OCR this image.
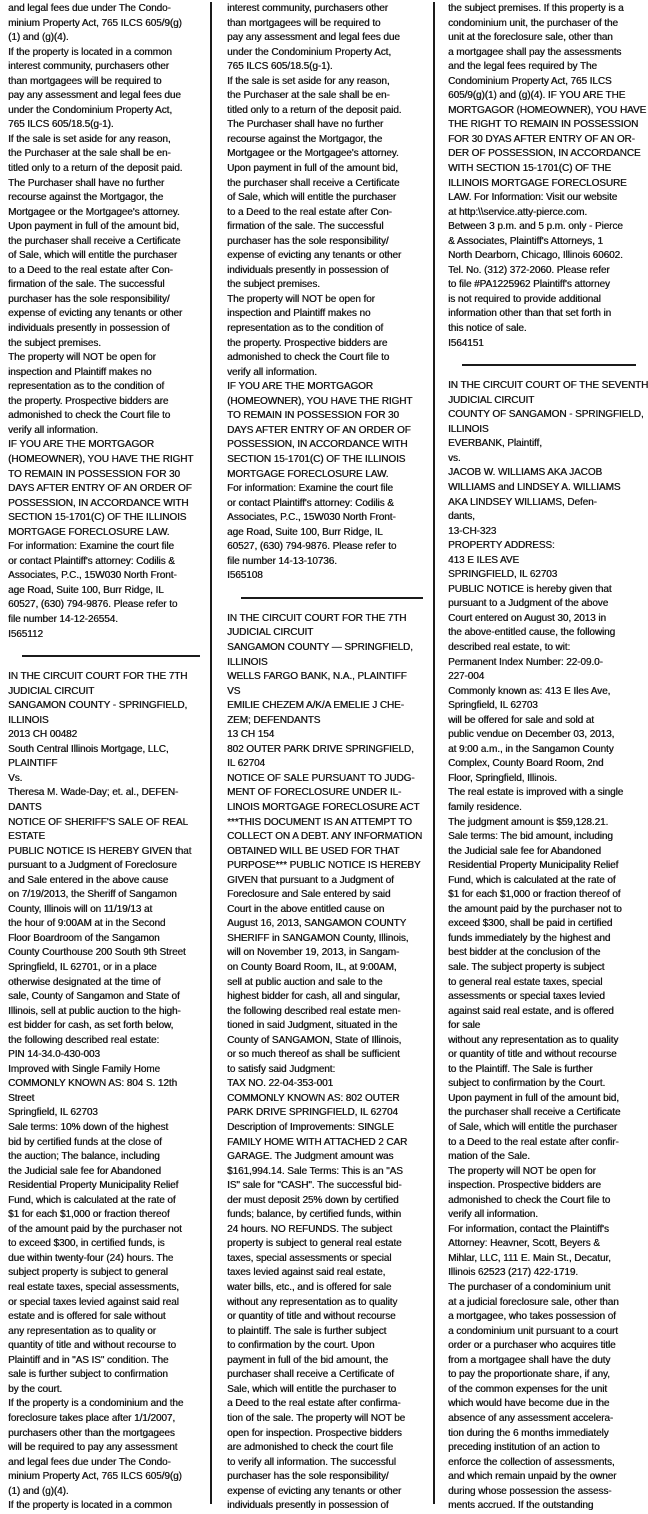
and legal fees due under The Condo-
minium Property Act, 765 ILCS 605/9(g)
(1) and (g)(4).
If the property is located in a common
interest community, purchasers other
than mortgagees will be required to
pay any assessment and legal fees due
under the Condominium Property Act,
765 ILCS 605/18.5(g-1).
If the sale is set aside for any reason,
the Purchaser at the sale shall be en-
titled only to a return of the deposit paid.
The Purchaser shall have no further
recourse against the Mortgagor, the
Mortgagee or the Mortgagee's attorney.
Upon payment in full of the amount bid,
the purchaser shall receive a Certificate
of Sale, which will entitle the purchaser
to a Deed to the real estate after Con-
firmation of the sale. The successful
purchaser has the sole responsibility/
expense of evicting any tenants or other
individuals presently in possession of
the subject premises.
The property will NOT be open for
inspection and Plaintiff makes no
representation as to the condition of
the property. Prospective bidders are
admonished to check the Court file to
verify all information.
IF YOU ARE THE MORTGAGOR
(HOMEOWNER), YOU HAVE THE RIGHT
TO REMAIN IN POSSESSION FOR 30
DAYS AFTER ENTRY OF AN ORDER OF
POSSESSION, IN ACCORDANCE WITH
SECTION 15-1701(C) OF THE ILLINOIS
MORTGAGE FORECLOSURE LAW.
For information: Examine the court file
or contact Plaintiff's attorney: Codilis &
Associates, P.C., 15W030 North Front-
age Road, Suite 100, Burr Ridge, IL
60527, (630) 794-9876. Please refer to
file number 14-12-26554.
I565112
IN THE CIRCUIT COURT FOR THE 7TH
JUDICIAL CIRCUIT
SANGAMON COUNTY - SPRINGFIELD,
ILLINOIS
2013 CH 00482
South Central Illinois Mortgage, LLC,
PLAINTIFF
Vs.
Theresa M. Wade-Day; et. al., DEFEN-
DANTS
NOTICE OF SHERIFF'S SALE OF REAL
ESTATE
PUBLIC NOTICE IS HEREBY GIVEN that
pursuant to a Judgment of Foreclosure
and Sale entered in the above cause
on 7/19/2013, the Sheriff of Sangamon
County, Illinois will on 11/19/13 at
the hour of 9:00AM at in the Second
Floor Boardroom of the Sangamon
County Courthouse 200 South 9th Street
Springfield, IL 62701, or in a place
otherwise designated at the time of
sale, County of Sangamon and State of
Illinois, sell at public auction to the high-
est bidder for cash, as set forth below,
the following described real estate:
PIN 14-34.0-430-003
Improved with Single Family Home
COMMONLY KNOWN AS: 804 S. 12th
Street
Springfield, IL 62703
Sale terms: 10% down of the highest
bid by certified funds at the close of
the auction; The balance, including
the Judicial sale fee for Abandoned
Residential Property Municipality Relief
Fund, which is calculated at the rate of
$1 for each $1,000 or fraction thereof
of the amount paid by the purchaser not
to exceed $300, in certified funds, is
due within twenty-four (24) hours. The
subject property is subject to general
real estate taxes, special assessments,
or special taxes levied against said real
estate and is offered for sale without
any representation as to quality or
quantity of title and without recourse to
Plaintiff and in "AS IS" condition. The
sale is further subject to confirmation
by the court.
If the property is a condominium and the
foreclosure takes place after 1/1/2007,
purchasers other than the mortgagees
will be required to pay any assessment
and legal fees due under The Condo-
minium Property Act, 765 ILCS 605/9(g)
(1) and (g)(4).
If the property is located in a common
interest community, purchasers other
than mortgagees will be required to
pay any assessment and legal fees due
under the Condominium Property Act,
765 ILCS 605/18.5(g-1).
If the sale is set aside for any reason,
the Purchaser at the sale shall be en-
titled only to a return of the deposit paid.
The Purchaser shall have no further
recourse against the Mortgagor, the
Mortgagee or the Mortgagee's attorney.
Upon payment in full of the amount bid,
the purchaser shall receive a Certificate
of Sale, which will entitle the purchaser
to a Deed to the real estate after Con-
firmation of the sale. The successful
purchaser has the sole responsibility/
expense of evicting any tenants or other
individuals presently in possession of
the subject premises.
The property will NOT be open for
inspection and Plaintiff makes no
representation as to the condition of
the property. Prospective bidders are
admonished to check the Court file to
verify all information.
IF YOU ARE THE MORTGAGOR
(HOMEOWNER), YOU HAVE THE RIGHT
TO REMAIN IN POSSESSION FOR 30
DAYS AFTER ENTRY OF AN ORDER OF
POSSESSION, IN ACCORDANCE WITH
SECTION 15-1701(C) OF THE ILLINOIS
MORTGAGE FORECLOSURE LAW.
For information: Examine the court file
or contact Plaintiff's attorney: Codilis &
Associates, P.C., 15W030 North Front-
age Road, Suite 100, Burr Ridge, IL
60527, (630) 794-9876. Please refer to
file number 14-13-10736.
I565108
IN THE CIRCUIT COURT FOR THE 7TH
JUDICIAL CIRCUIT
SANGAMON COUNTY — SPRINGFIELD,
ILLINOIS
WELLS FARGO BANK, N.A., PLAINTIFF
VS
EMILIE CHEZEM A/K/A EMELIE J CHE-
ZEM; DEFENDANTS
13 CH 154
802 OUTER PARK DRIVE SPRINGFIELD,
IL 62704
NOTICE OF SALE PURSUANT TO JUDG-
MENT OF FORECLOSURE UNDER IL-
LINOIS MORTGAGE FORECLOSURE ACT
***THIS DOCUMENT IS AN ATTEMPT TO
COLLECT ON A DEBT. ANY INFORMATION
OBTAINED WILL BE USED FOR THAT
PURPOSE*** PUBLIC NOTICE IS HEREBY
GIVEN that pursuant to a Judgment of
Foreclosure and Sale entered by said
Court in the above entitled cause on
August 16, 2013, SANGAMON COUNTY
SHERIFF in SANGAMON County, Illinois,
will on November 19, 2013, in Sangam-
on County Board Room, IL, at 9:00AM,
sell at public auction and sale to the
highest bidder for cash, all and singular,
the following described real estate men-
tioned in said Judgment, situated in the
County of SANGAMON, State of Illinois,
or so much thereof as shall be sufficient
to satisfy said Judgment:
TAX NO. 22-04-353-001
COMMONLY KNOWN AS: 802 OUTER
PARK DRIVE SPRINGFIELD, IL 62704
Description of Improvements: SINGLE
FAMILY HOME WITH ATTACHED 2 CAR
GARAGE. The Judgment amount was
$161,994.14. Sale Terms: This is an "AS
IS" sale for "CASH". The successful bid-
der must deposit 25% down by certified
funds; balance, by certified funds, within
24 hours. NO REFUNDS. The subject
property is subject to general real estate
taxes, special assessments or special
taxes levied against said real estate,
water bills, etc., and is offered for sale
without any representation as to quality
or quantity of title and without recourse
to plaintiff. The sale is further subject
to confirmation by the court. Upon
payment in full of the bid amount, the
purchaser shall receive a Certificate of
Sale, which will entitle the purchaser to
a Deed to the real estate after confirma-
tion of the sale. The property will NOT be
open for inspection. Prospective bidders
are admonished to check the court file
to verify all information. The successful
purchaser has the sole responsibility/
expense of evicting any tenants or other
individuals presently in possession of
the subject premises. If this property is a
condominium unit, the purchaser of the
unit at the foreclosure sale, other than
a mortgagee shall pay the assessments
and the legal fees required by The
Condominium Property Act, 765 ILCS
605/9(g)(1) and (g)(4). IF YOU ARE THE
MORTGAGOR (HOMEOWNER), YOU HAVE
THE RIGHT TO REMAIN IN POSSESSION
FOR 30 DYAS AFTER ENTRY OF AN OR-
DER OF POSSESSION, IN ACCORDANCE
WITH SECTION 15-1701(C) OF THE
ILLINOIS MORTGAGE FORECLOSURE
LAW. For Information: Visit our website
at http:\\service.atty-pierce.com.
Between 3 p.m. and 5 p.m. only - Pierce
& Associates, Plaintiff's Attorneys, 1
North Dearborn, Chicago, Illinois 60602.
Tel. No. (312) 372-2060. Please refer
to file #PA1225962 Plaintiff's attorney
is not required to provide additional
information other than that set forth in
this notice of sale.
I564151
IN THE CIRCUIT COURT OF THE SEVENTH
JUDICIAL CIRCUIT
COUNTY OF SANGAMON - SPRINGFIELD,
ILLINOIS
EVERBANK, Plaintiff,
vs.
JACOB W. WILLIAMS AKA JACOB
WILLIAMS and LINDSEY A. WILLIAMS
AKA LINDSEY WILLIAMS, Defen-
dants,
13-CH-323
PROPERTY ADDRESS:
413 E ILES AVE
SPRINGFIELD, IL 62703
PUBLIC NOTICE is hereby given that
pursuant to a Judgment of the above
Court entered on August 30, 2013 in
the above-entitled cause, the following
described real estate, to wit:
Permanent Index Number: 22-09.0-
227-004
Commonly known as: 413 E Iles Ave,
Springfield, IL 62703
will be offered for sale and sold at
public vendue on December 03, 2013,
at 9:00 a.m., in the Sangamon County
Complex, County Board Room, 2nd
Floor, Springfield, Illinois.
The real estate is improved with a single
family residence.
The judgment amount is $59,128.21.
Sale terms: The bid amount, including
the Judicial sale fee for Abandoned
Residential Property Municipality Relief
Fund, which is calculated at the rate of
$1 for each $1,000 or fraction thereof of
the amount paid by the purchaser not to
exceed $300, shall be paid in certified
funds immediately by the highest and
best bidder at the conclusion of the
sale. The subject property is subject
to general real estate taxes, special
assessments or special taxes levied
against said real estate, and is offered
for sale
without any representation as to quality
or quantity of title and without recourse
to the Plaintiff. The Sale is further
subject to confirmation by the Court.
Upon payment in full of the amount bid,
the purchaser shall receive a Certificate
of Sale, which will entitle the purchaser
to a Deed to the real estate after confir-
mation of the Sale.
The property will NOT be open for
inspection. Prospective bidders are
admonished to check the Court file to
verify all information.
For information, contact the Plaintiff's
Attorney: Heavner, Scott, Beyers &
Mihlar, LLC, 111 E. Main St., Decatur,
Illinois 62523 (217) 422-1719.
The purchaser of a condominium unit
at a judicial foreclosure sale, other than
a mortgagee, who takes possession of
a condominium unit pursuant to a court
order or a purchaser who acquires title
from a mortgagee shall have the duty
to pay the proportionate share, if any,
of the common expenses for the unit
which would have become due in the
absence of any assessment accelera-
tion during the 6 months immediately
preceding institution of an action to
enforce the collection of assessments,
and which remain unpaid by the owner
during whose possession the assess-
ments accrued. If the outstanding
